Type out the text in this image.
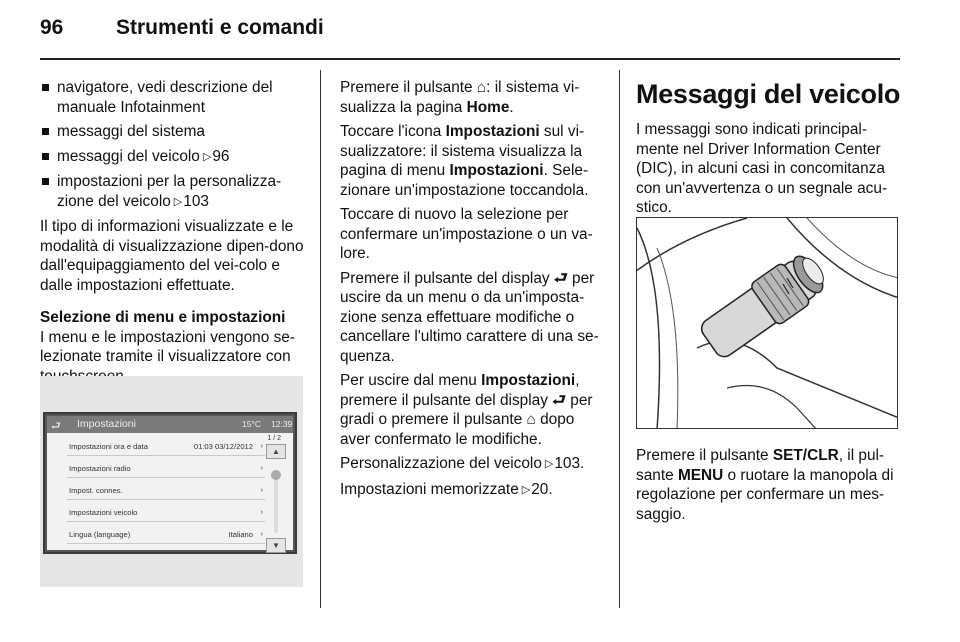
96	Strumenti e comandi
navigatore, vedi descrizione del manuale Infotainment
messaggi del sistema
messaggi del veicolo ▷96
impostazioni per la personalizza-zione del veicolo ▷103
Il tipo di informazioni visualizzate e le modalità di visualizzazione dipen-dono dall'equipaggiamento del vei-colo e dalle impostazioni effettuate.
Selezione di menu e impostazioni
I menu e le impostazioni vengono se-lezionate tramite il visualizzatore con
⮐ Impostazioni	15°C 12:39
1 / 2
▲
▼
Impostazioni ora e data	01:03 03/12/2012 ›
Impostazioni radio	›
Impost. connes.	›
Impostazioni veicolo	›
Lingua (language)	Italiano ›
Premere il pulsante ⌂: il sistema vi-sualizza la pagina Home.
Toccare l'icona Impostazioni sul vi-sualizzatore: il sistema visualizza la pagina di menu Impostazioni. Sele-zionare un'impostazione toccandola.
Toccare di nuovo la selezione per confermare un'impostazione o un va-lore.
Premere il pulsante del display ⮐ per uscire da un menu o da un'imposta-zione senza effettuare modifiche o cancellare l'ultimo carattere di una se-quenza.
Per uscire dal menu Impostazioni, premere il pulsante del display ⮐ per gradi o premere il pulsante ⌂ dopo aver confermato le modifiche.
Personalizzazione del veicolo ▷103.
Impostazioni memorizzate ▷20.
Messaggi del veicolo
I messaggi sono indicati principal-mente nel Driver Information Center (DIC), in alcuni casi in concomitanza con un'avvertenza o un segnale acu-stico.
Premere il pulsante SET/CLR, il pul-sante MENU o ruotare la manopola di regolazione per confermare un mes-saggio.
